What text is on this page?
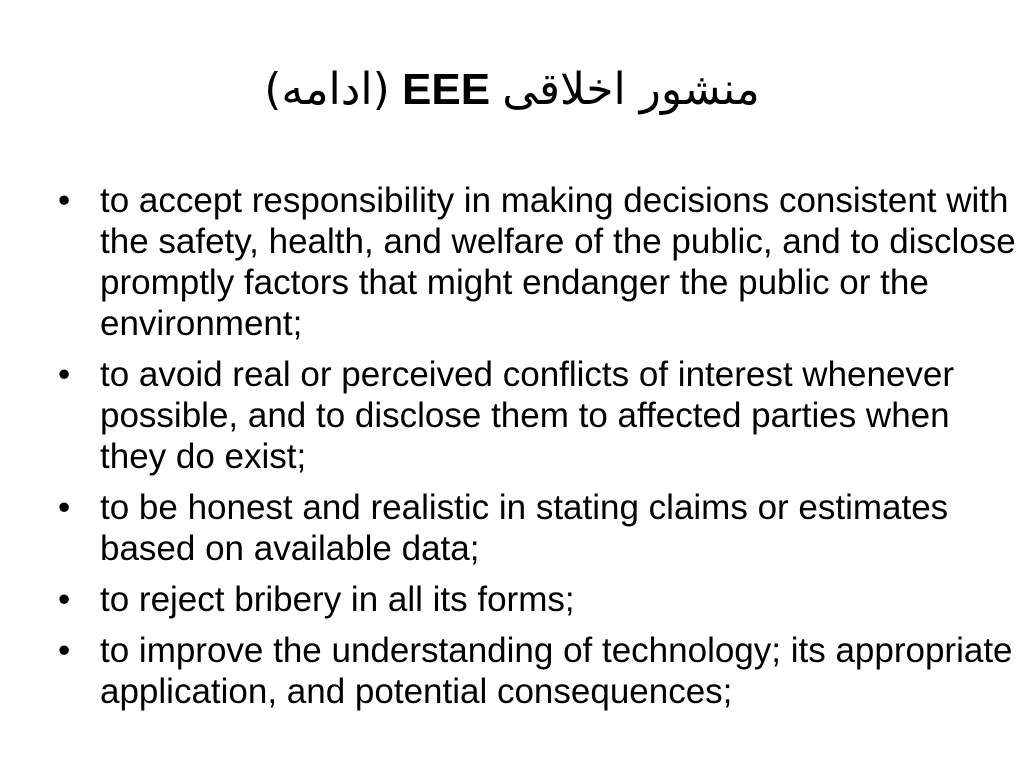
(ادامه) EEE منشور اخلاقی
• to accept responsibility in making decisions consistent with the safety, health, and welfare of the public, and to disclose promptly factors that might endanger the public or the environment;
• to avoid real or perceived conflicts of interest whenever possible, and to disclose them to affected parties when they do exist;
• to be honest and realistic in stating claims or estimates based on available data;
• to reject bribery in all its forms;
• to improve the understanding of technology; its appropriate application, and potential consequences;
